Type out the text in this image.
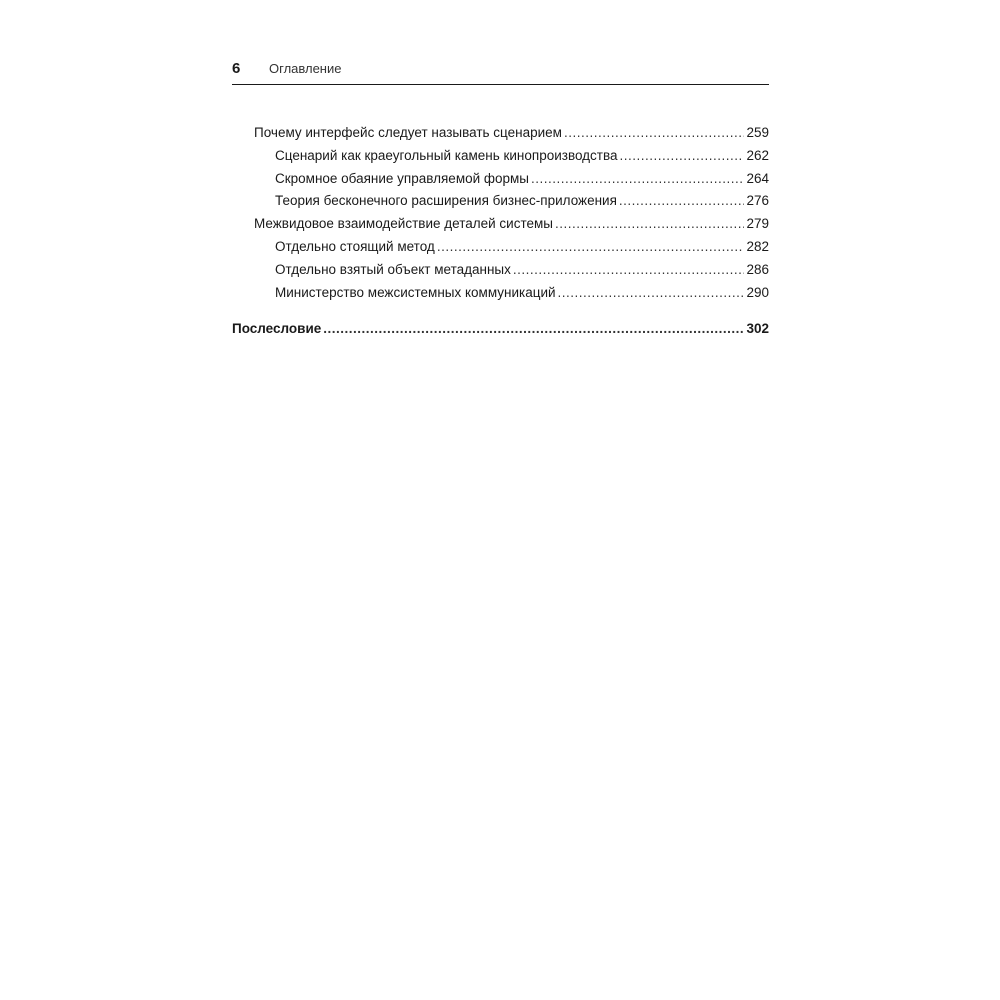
6	Оглавление
Почему интерфейс следует называть сценарием .....	259
Сценарий как краеугольный камень кинопроизводства .....	262
Скромное обаяние управляемой формы .....	264
Теория бесконечного расширения бизнес-приложения .....	276
Межвидовое взаимодействие деталей системы .....	279
Отдельно стоящий метод .....	282
Отдельно взятый объект метаданных .....	286
Министерство межсистемных коммуникаций .....	290
Послесловие .....	302
